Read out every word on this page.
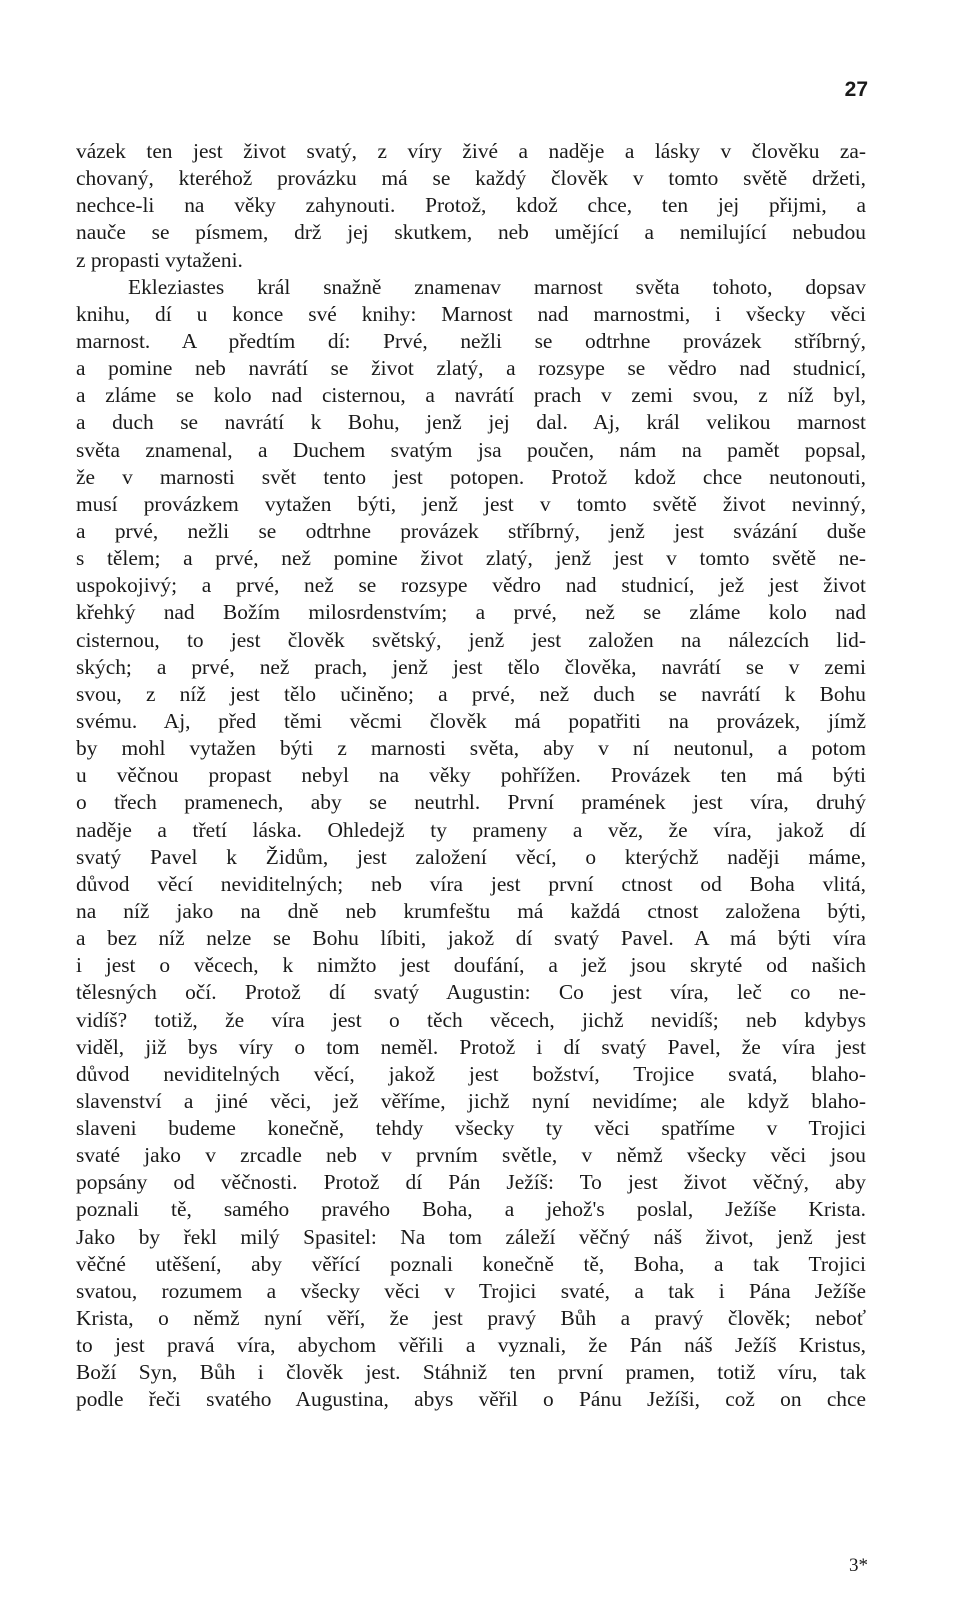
27
vázek ten jest život svatý, z víry živé a naděje a lásky v člověku za-
chovaný, kteréhož provázku má se každý člověk v tomto světě držeti,
nechce-li na věky zahynouti. Protož, kdož chce, ten jej přijmi, a
nauče se písmem, drž jej skutkem, neb umějící a nemilující nebudou
z propasti vytaženi.
Ekleziastes král snažně znamenav marnost světa tohoto, dopsav
knihu, dí u konce své knihy: Marnost nad marnostmi, i všecky věci
marnost. A předtím dí: Prvé, nežli se odtrhne provázek stříbrný,
a pomine neb navrátí se život zlatý, a rozsype se vědro nad studnicí,
a zláme se kolo nad cisternou, a navrátí prach v zemi svou, z níž byl,
a duch se navrátí k Bohu, jenž jej dal. Aj, král velikou marnost
světa znamenal, a Duchem svatým jsa poučen, nám na pamět popsal,
že v marnosti svět tento jest potopen. Protož kdož chce neutonouti,
musí provázkem vytažen býti, jenž jest v tomto světě život nevinný,
a prvé, nežli se odtrhne provázek stříbrný, jenž jest svázání duše
s tělem; a prvé, než pomine život zlatý, jenž jest v tomto světě ne-
uspokojivý; a prvé, než se rozsype vědro nad studnicí, jež jest život
křehký nad Božím milosrdenstvím; a prvé, než se zláme kolo nad
cisternou, to jest člověk světský, jenž jest založen na nálezcích lid-
ských; a prvé, než prach, jenž jest tělo člověka, navrátí se v zemi
svou, z níž jest tělo učiněno; a prvé, než duch se navrátí k Bohu
svému. Aj, před těmi věcmi člověk má popatřiti na provázek, jímž
by mohl vytažen býti z marnosti světa, aby v ní neutonul, a potom
u věčnou propast nebyl na věky pohřížen. Provázek ten má býti
o třech pramenech, aby se neutrhl. První pramének jest víra, druhý
naděje a třetí láska. Ohledejž ty prameny a věz, že víra, jakož dí
svatý Pavel k Židům, jest založení věcí, o kterýchž naději máme,
důvod věcí neviditelných; neb víra jest první ctnost od Boha vlitá,
na níž jako na dně neb krumfeštu má každá ctnost založena býti,
a bez níž nelze se Bohu líbiti, jakož dí svatý Pavel. A má býti víra
i jest o věcech, k nimžto jest doufání, a jež jsou skryté od našich
tělesných očí. Protož dí svatý Augustin: Co jest víra, leč co ne-
vidíš? totiž, že víra jest o těch věcech, jichž nevidíš; neb kdybys
viděl, již bys víry o tom neměl. Protož i dí svatý Pavel, že víra jest
důvod neviditelných věcí, jakož jest božství, Trojice svatá, blaho-
slavenství a jiné věci, jež věříme, jichž nyní nevidíme; ale když blaho-
slaveni budeme konečně, tehdy všecky ty věci spatříme v Trojici
svaté jako v zrcadle neb v prvním světle, v němž všecky věci jsou
popsány od věčnosti. Protož dí Pán Ježíš: To jest život věčný, aby
poznali tě, samého pravého Boha, a jehož's poslal, Ježíše Krista.
Jako by řekl milý Spasitel: Na tom záleží věčný náš život, jenž jest
věčné utěšení, aby věřící poznali konečně tě, Boha, a tak Trojici
svatou, rozumem a všecky věci v Trojici svaté, a tak i Pána Ježíše
Krista, o němž nyní věří, že jest pravý Bůh a pravý člověk; neboť
to jest pravá víra, abychom věřili a vyznali, že Pán náš Ježíš Kristus,
Boží Syn, Bůh i člověk jest. Stáhniž ten první pramen, totiž víru, tak
podle řeči svatého Augustina, abys věřil o Pánu Ježíši, což on chce
3*
